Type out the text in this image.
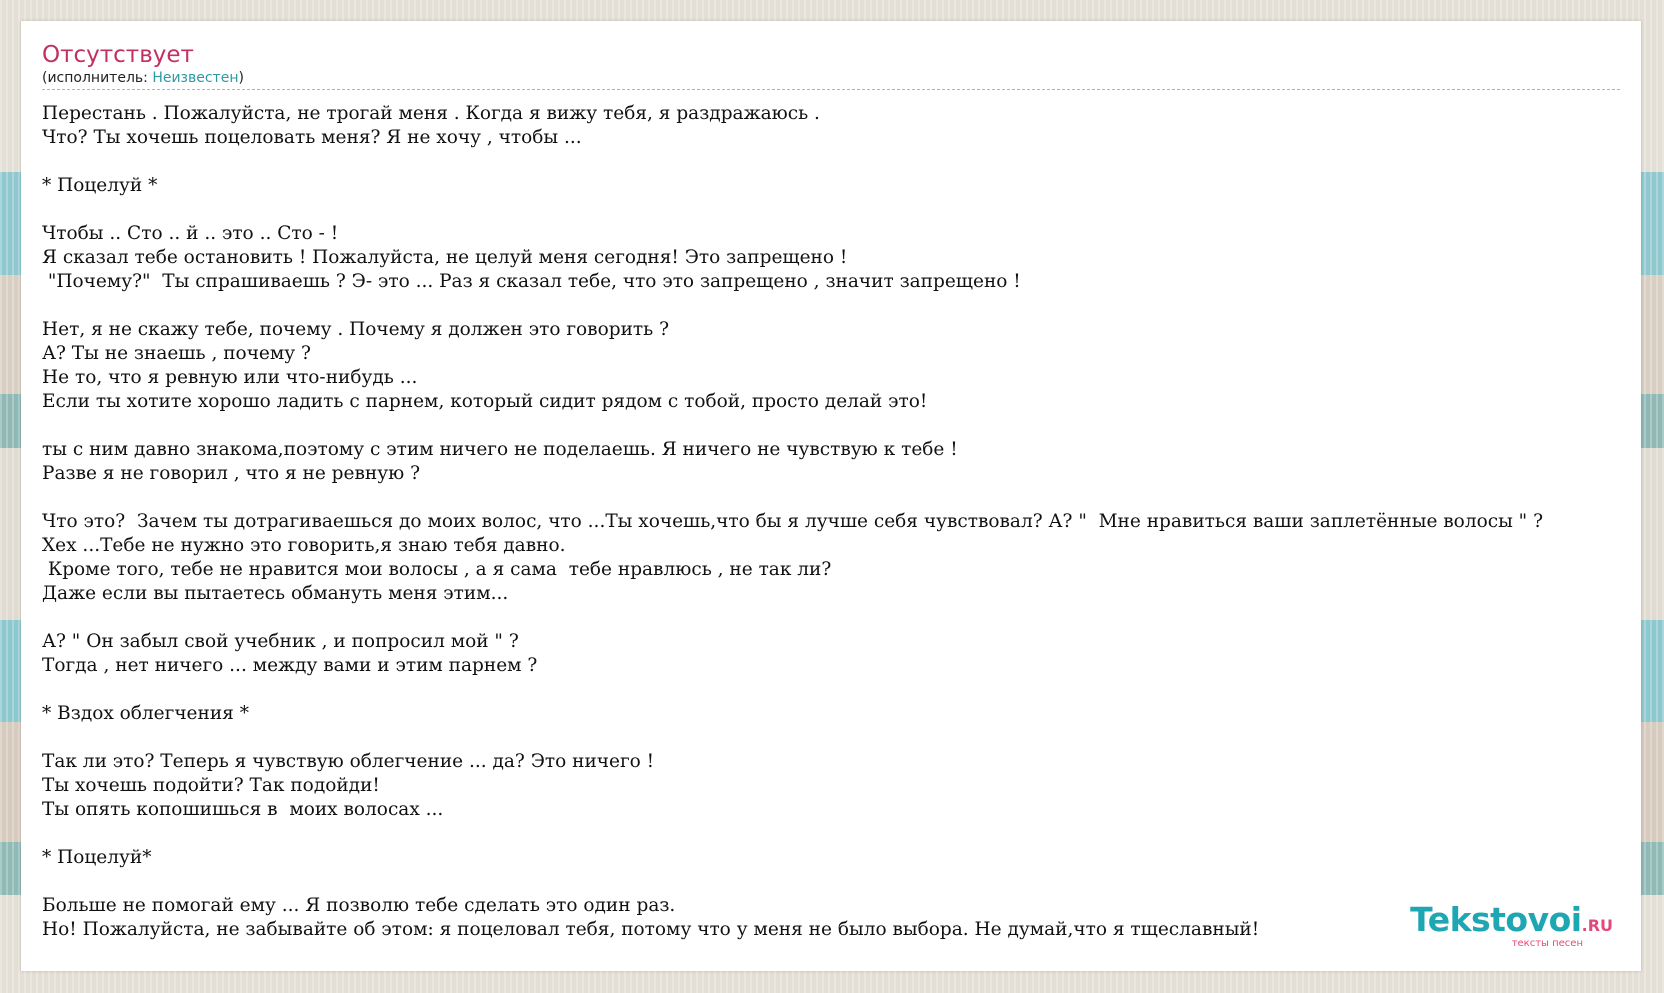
Отсутствует
(исполнитель: Неизвестен)
Перестань . Пожалуйста, не трогай меня . Когда я вижу тебя, я раздражаюсь .
Что? Ты хочешь поцеловать меня? Я не хочу , чтобы ...

* Поцелуй *

Чтобы .. Сто .. й .. это .. Сто - !
Я сказал тебе остановить ! Пожалуйста, не целуй меня сегодня! Это запрещено !
"Почему?"  Ты спрашиваешь ? Э- это ... Раз я сказал тебе, что это запрещено , значит запрещено !

Нет, я не скажу тебе, почему . Почему я должен это говорить ?
А? Ты не знаешь , почему ?
Не то, что я ревную или что-нибудь ...
Если ты хотите хорошо ладить с парнем, который сидит рядом с тобой, просто делай это!

ты с ним давно знакома,поэтому с этим ничего не поделаешь. Я ничего не чувствую к тебе !
Разве я не говорил , что я не ревную ?

Что это?  Зачем ты дотрагиваешься до моих волос, что ...Ты хочешь,что бы я лучше себя чувствовал? А? "  Мне нравиться ваши заплетённые волосы " ?
Хех ...Тебе не нужно это говорить,я знаю тебя давно.
Кроме того, тебе не нравится мои волосы , а я сама  тебе нравлюсь , не так ли?
Даже если вы пытаетесь обмануть меня этим...

А? " Он забыл свой учебник , и попросил мой " ?
Тогда , нет ничего ... между вами и этим парнем ?

* Вздох облегчения *

Так ли это? Теперь я чувствую облегчение ... да? Это ничего !
Ты хочешь подойти? Так подойди!
Ты опять копошишься в  моих волосах ...

* Поцелуй*

Больше не помогай ему ... Я позволю тебе сделать это один раз.
Но! Пожалуйста, не забывайте об этом: я поцеловал тебя, потому что у меня не было выбора. Не думай,что я тщеславный!	Tekstovoi.RU
тексты песен
